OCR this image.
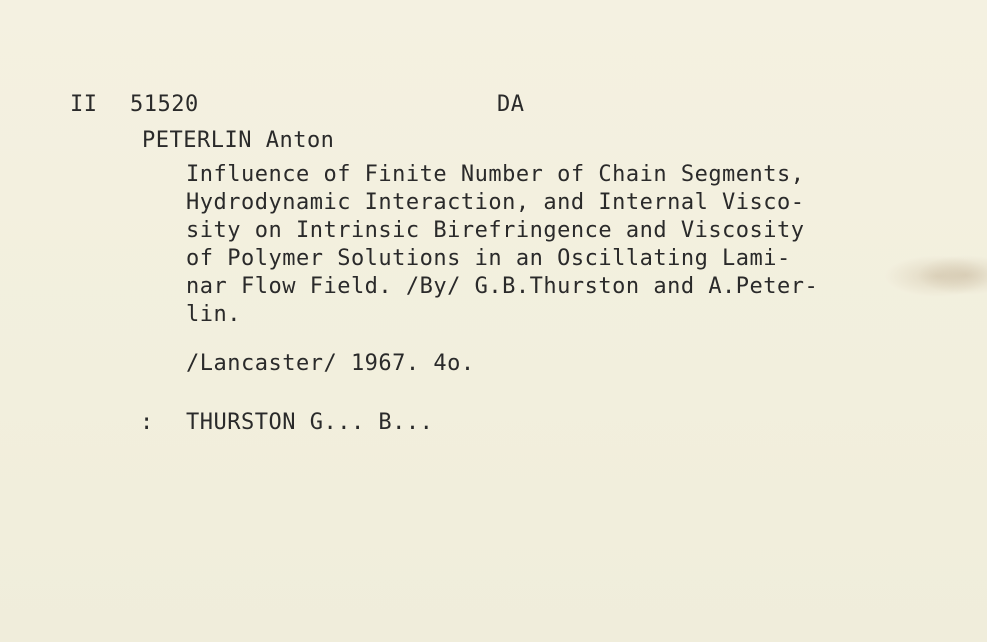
II 51520	DA
PETERLIN Anton
Influence of Finite Number of Chain Segments,
Hydrodynamic Interaction, and Internal Visco-
sity on Intrinsic Birefringence and Viscosity
of Polymer Solutions in an Oscillating Lami-
nar Flow Field. /By/ G.B.Thurston and A.Peter-
lin.
/Lancaster/ 1967. 4o.
: THURSTON G... B...
